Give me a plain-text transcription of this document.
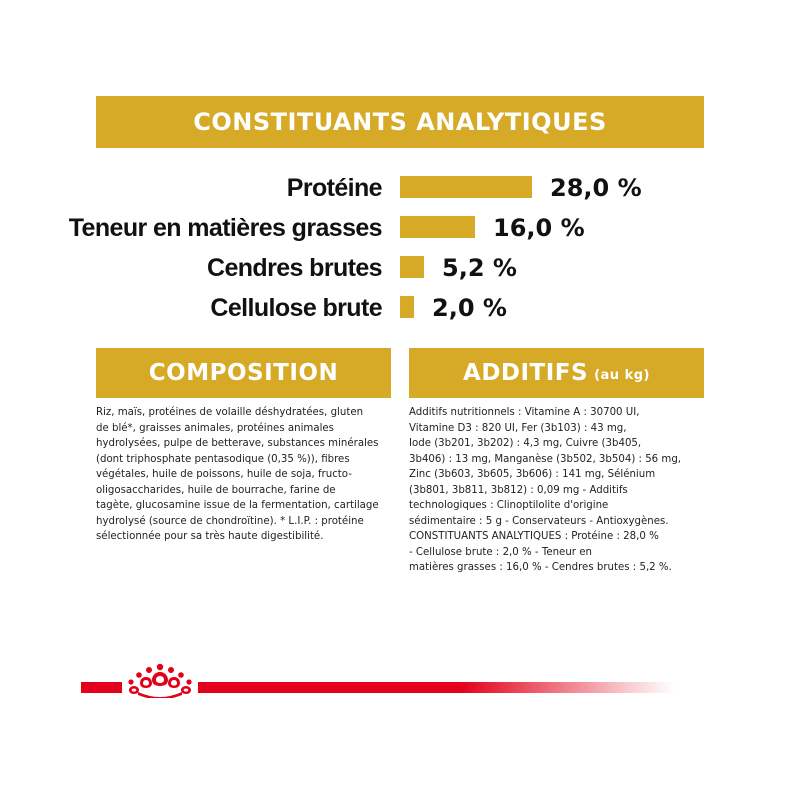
CONSTITUANTS ANALYTIQUES
Protéine	28,0 %
Teneur en matières grasses	16,0 %
Cendres brutes	5,2 %
Cellulose brute 2,0 %
COMPOSITION	ADDITIFS (au kg)
Riz, maïs, protéines de volaille déshydratées, gluten
de blé*, graisses animales, protéines animales
hydrolysées, pulpe de betterave, substances minérales
(dont triphosphate pentasodique (0,35 %)), fibres
végétales, huile de poissons, huile de soja, fructo-
oligosaccharides, huile de bourrache, farine de
tagète, glucosamine issue de la fermentation, cartilage
hydrolysé (source de chondroïtine). * L.I.P. : protéine
sélectionnée pour sa très haute digestibilité.
Additifs nutritionnels : Vitamine A : 30700 UI,
Vitamine D3 : 820 UI, Fer (3b103) : 43 mg,
Iode (3b201, 3b202) : 4,3 mg, Cuivre (3b405,
3b406) : 13 mg, Manganèse (3b502, 3b504) : 56 mg,
Zinc (3b603, 3b605, 3b606) : 141 mg, Sélénium
(3b801, 3b811, 3b812) : 0,09 mg - Additifs
technologiques : Clinoptilolite d'origine
sédimentaire : 5 g - Conservateurs - Antioxygènes.
CONSTITUANTS ANALYTIQUES : Protéine : 28,0 %
- Cellulose brute : 2,0 % - Teneur en
matières grasses : 16,0 % - Cendres brutes : 5,2 %.
